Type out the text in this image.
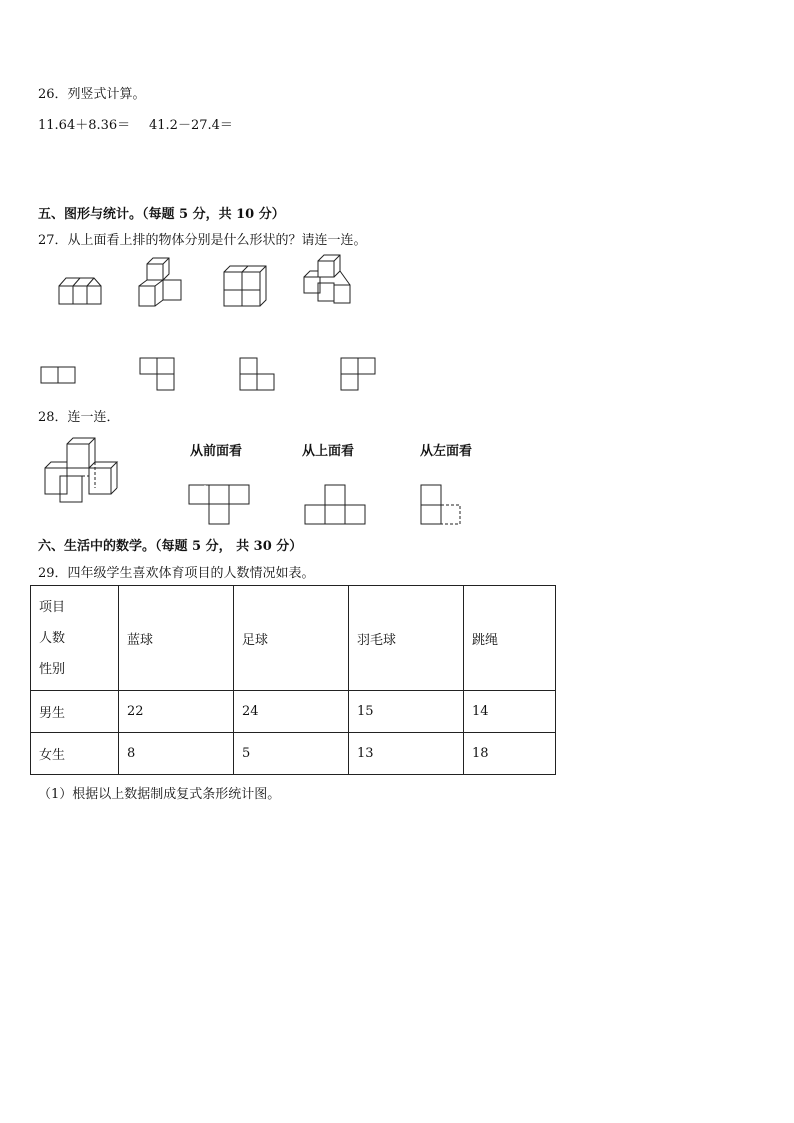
26．列竖式计算。
11.64＋8.36＝ 41.2－27.4＝
五、图形与统计。（每题 5 分，共 10 分）
27．从上面看上排的物体分别是什么形状的？请连一连。
28．连一连．
从前面看	从上面看	从左面看
六、生活中的数学。（每题 5 分， 共 30 分）
29．四年级学生喜欢体育项目的人数情况如表。
项目
人数
性别	蓝球	足球	羽毛球	跳绳
男生	22	24	15	14
女生	8	5	13	18
（1）根据以上数据制成复式条形统计图。
